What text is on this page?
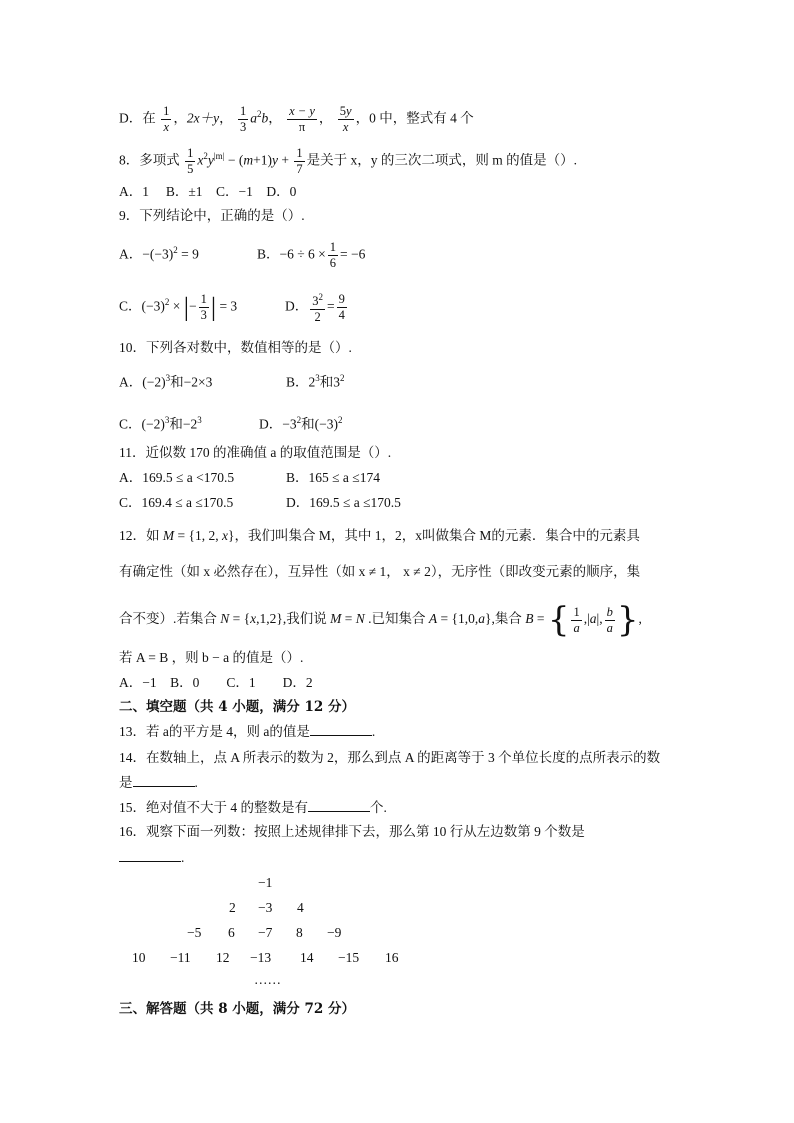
D．在 $\frac{1}{x}$ ，2x＋y， $\frac{1}{3} a^2b$， $\frac{x - y}{\pi}$ ， $\frac{5y}{x}$ ，0 中，整式有 4 个
8．多项式 $\frac{1}{5} x^2y^{|m|} - (m+1)y + \frac{1}{7}$ 是关于 x，y 的三次二项式，则 m 的值是（）.
A．1　 B．±1　C．−1　D．0
9．下列结论中，正确的是（）.
A．$-(-3)^2 = 9$	B．$-6 \div 6 \times \frac{1}{6} = -6$
C．$(-3)^2$ × |− $\frac{1}{3}$ | = 3	D． $\frac{3^2}{2} = \frac{9}{4}$
10．下列各对数中，数值相等的是（）.
A．$(-2)^3$和−2×3	B．$2^3$和$3^2$
C．$(-2)^3$和$-2^3$	D．$-3^2$和$(-3)^2$
11．近似数 170 的准确值 a 的取值范围是（）.
A．169.5 ≤ a <170.5	B．165 ≤ a ≤174
C．169.4 ≤ a ≤170.5	D．169.5 ≤ a ≤170.5
12．如 M = {1, 2, x}，我们叫集合 M，其中 1，2，x叫做集合 M的元素．集合中的元素具
有确定性（如 x 必然存在），互异性（如 x ≠ 1， x ≠ 2），无序性（即改变元素的顺序，集
合不变）.若集合 N = {x,1,2},我们说 M = N .已知集合 A = {1,0,a},集合 B = { $\frac{1}{a} ,|a|$, $\frac{b}{a}$ },
若 A = B ，则 b − a 的值是（）.
A．−1　B．0　　C．1　　D．2
二、填空题（共 4 小题，满分 12 分）
13．若 a的平方是 4，则 a的值是	.
14．在数轴上，点 A 所表示的数为 2，那么到点 A 的距离等于 3 个单位长度的点所表示的数
是	.
15．绝对值不大于 4 的整数是有	个.
16．观察下面一列数：按照上述规律排下去，那么第 10 行从左边数第 9 个数是
.
−1
2 −3 4
−5 6 −7 8 −9
10 −11 12 −13 14 −15 16
……
三、解答题（共 8 小题，满分 72 分）
